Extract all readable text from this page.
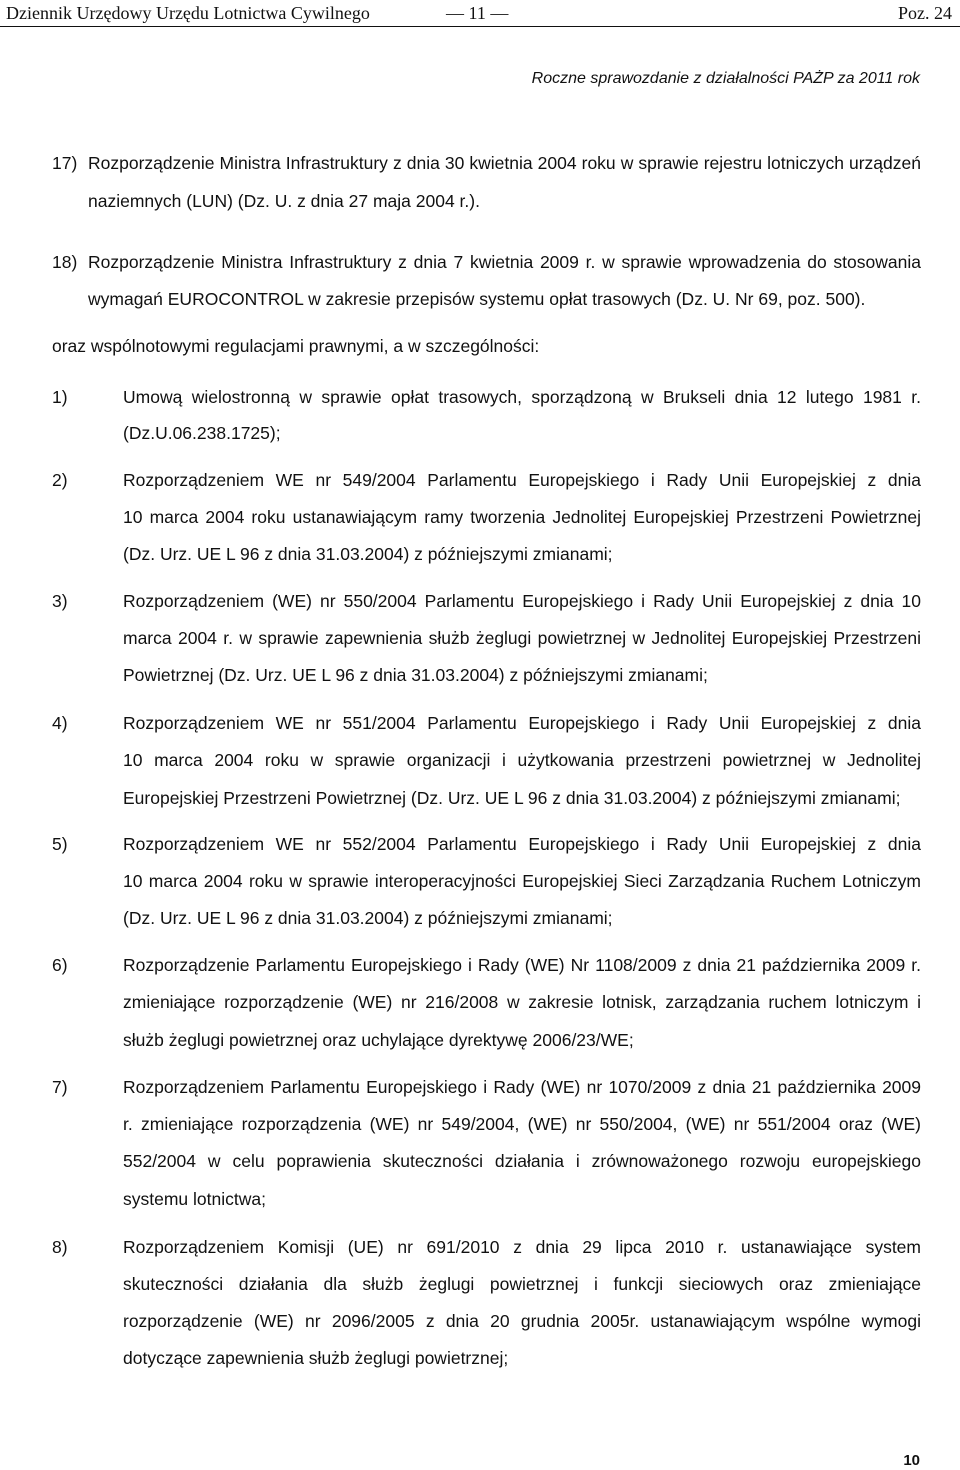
Dziennik Urzędowy Urzędu Lotnictwa Cywilnego	— 11 —	Poz. 24
Roczne sprawozdanie z działalności PAŻP za 2011 rok
17) Rozporządzenie Ministra Infrastruktury z dnia 30 kwietnia 2004 roku w sprawie rejestru lotniczych urządzeń
naziemnych (LUN) (Dz. U. z dnia 27 maja 2004 r.).
18) Rozporządzenie Ministra Infrastruktury z dnia 7 kwietnia 2009 r. w sprawie wprowadzenia do stosowania
wymagań EUROCONTROL w zakresie przepisów systemu opłat trasowych (Dz. U. Nr 69, poz. 500).
oraz wspólnotowymi regulacjami prawnymi, a w szczególności:
1)	Umową wielostronną w sprawie opłat trasowych, sporządzoną w Brukseli dnia 12 lutego 1981 r.
(Dz.U.06.238.1725);
2)	Rozporządzeniem WE nr 549/2004 Parlamentu Europejskiego i Rady Unii Europejskiej z dnia
10 marca 2004 roku ustanawiającym ramy tworzenia Jednolitej Europejskiej Przestrzeni Powietrznej
(Dz. Urz. UE L 96 z dnia 31.03.2004) z późniejszymi zmianami;
3)	Rozporządzeniem (WE) nr 550/2004 Parlamentu Europejskiego i Rady Unii Europejskiej z dnia 10
marca 2004 r. w sprawie zapewnienia służb żeglugi powietrznej w Jednolitej Europejskiej Przestrzeni
Powietrznej (Dz. Urz. UE L 96 z dnia 31.03.2004) z późniejszymi zmianami;
4)	Rozporządzeniem WE nr 551/2004 Parlamentu Europejskiego i Rady Unii Europejskiej z dnia
10 marca 2004 roku w sprawie organizacji i użytkowania przestrzeni powietrznej w Jednolitej
Europejskiej Przestrzeni Powietrznej (Dz. Urz. UE L 96 z dnia 31.03.2004) z późniejszymi zmianami;
5)	Rozporządzeniem WE nr 552/2004 Parlamentu Europejskiego i Rady Unii Europejskiej z dnia
10 marca 2004 roku w sprawie interoperacyjności Europejskiej Sieci Zarządzania Ruchem Lotniczym
(Dz. Urz. UE L 96 z dnia 31.03.2004) z późniejszymi zmianami;
6)	Rozporządzenie Parlamentu Europejskiego i Rady (WE) Nr 1108/2009 z dnia 21 października 2009 r.
zmieniające rozporządzenie (WE) nr 216/2008 w zakresie lotnisk, zarządzania ruchem lotniczym i
służb żeglugi powietrznej oraz uchylające dyrektywę 2006/23/WE;
7)	Rozporządzeniem Parlamentu Europejskiego i Rady (WE) nr 1070/2009 z dnia 21 października 2009
r. zmieniające rozporządzenia (WE) nr 549/2004, (WE) nr 550/2004, (WE) nr 551/2004 oraz (WE)
552/2004 w celu poprawienia skuteczności działania i zrównoważonego rozwoju europejskiego
systemu lotnictwa;
8)	Rozporządzeniem Komisji (UE) nr 691/2010 z dnia 29 lipca 2010 r. ustanawiające system
skuteczności działania dla służb żeglugi powietrznej i funkcji sieciowych oraz zmieniające
rozporządzenie (WE) nr 2096/2005 z dnia 20 grudnia 2005r. ustanawiającym wspólne wymogi
dotyczące zapewnienia służb żeglugi powietrznej;
10
